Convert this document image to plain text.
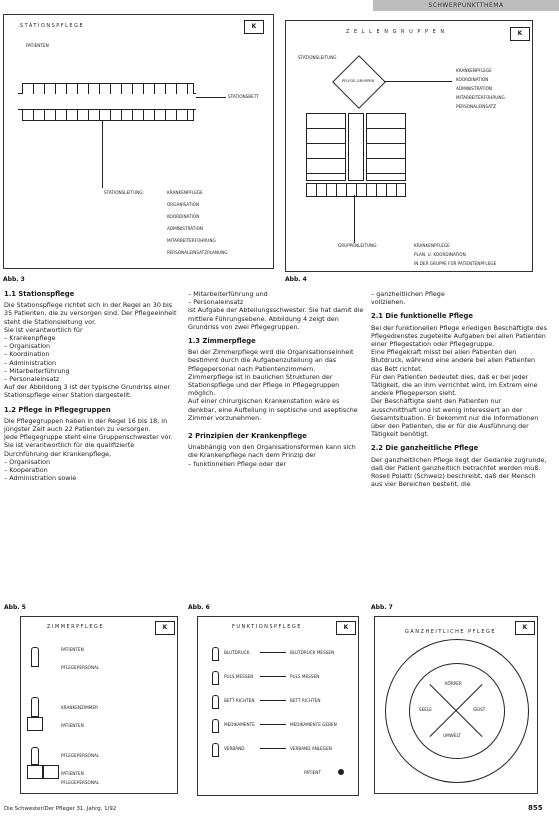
SCHWERPUNKTTHEMA
STATIONSPFLEGE	K
PATIENTEN
STATIONSBETT
STATIONSLEITUNG:	KRANKENPFLEGE
ORGANISATION
KOORDINATION
ADMINISTRATION
MITARBEITERFÜHRUNG
PERSONALEINSATZPLANUNG
Abb. 3
Z E L L E N G R U P P E N	K
STATIONSLEITUNG
PFLEGE-GRUPPEN
KRANKENPFLEGE
KOORDINATION
ADMINISTRATION
MITARBEITERFÜHRUNG
PERSONALEINSATZ
GRUPPENLEITUNG:	KRANKENPFLEGE
PLAN. U. KOORDINATION
IN DER GRUPPE FÜR PATIENTENPFLEGE
Abb. 4
1.1 Stationspflege

Die Stationspflege richtet sich in der Regel an 30 bis 35 Patienten, die zu versorgen sind. Der Pflegeeinheit steht die Stationsleitung vor.

Sie ist verantwortlich für

– Krankenpflege

– Organisation

– Koordination

– Administration

– Mitarbeiterführung

– Personaleinsatz

Auf der Abbildung 3 ist der typische Grundriss einer Stationspflege einer Station dargestellt.

1.2 Pflege in Pflegegruppen

Die Pflegegruppen haben in der Regel 16 bis 18, in jüngster Zeit auch 22 Patienten zu versorgen.

Jede Pflegegruppe steht eine Gruppenschwester vor.

Sie ist verantwortlich für die qualifizierte Durchführung der Krankenpflege,

– Organisation

– Kooperation

– Administration sowie

– Mitarbeiterführung und

– Personaleinsatz

ist Aufgabe der Abteilungsschwester. Sie hat damit die mittlere Führungsebene. Abbildung 4 zeigt den Grundriss von zwei Pflegegruppen.

1.3 Zimmerpflege

Bei der Zimmerpflege wird die Organisationseinheit bestimmt durch die Aufgabenzuteilung an das Pflegepersonal nach Patientenzimmern.

Zimmerpflege ist in baulichen Strukturen der Stationspflege und der Pflege in Pflegegruppen möglich.

Auf einer chirurgischen Krankenstation wäre es denkbar, eine Aufteilung in septische und aseptische Zimmer vorzunehmen.

2 Prinzipien der Krankenpflege

Unabhängig von den Organisationsformen kann sich die Krankenpflege nach dem Prinzip der

– funktionellen Pflege oder der

– ganzheitlichen Pflege

vollziehen.

2.1 Die funktionelle Pflege

Bei der funktionellen Pflege erledigen Beschäftigte des Pflegedienstes zugeteilte Aufgaben bei allen Patienten einer Pflegestation oder Pflegegruppe.

Eine Pflegekraft misst bei allen Patienten den Blutdruck, während eine andere bei allen Patienten das Bett richtet.

Für den Patienten bedeutet dies, daß er bei jeder Tätigkeit, die an ihm verrichtet wird, im Extrem eine andere Pflegeperson sieht.

Der Beschäftigte sieht den Patienten nur ausschnitthaft und ist wenig interessiert an der Gesamtsituation. Er bekommt nur die Informationen über den Patienten, die er für die Ausführung der Tätigkeit benötigt.

2.2 Die ganzheitliche Pflege

Der ganzheitlichen Pflege liegt der Gedanke zugrunde, daß der Patient ganzheitlich betrachtet werden muß.

Roseli Polatti (Schweiz) beschreibt, daß der Mensch aus vier Bereichen besteht, die

Abb. 5	Abb. 6	Abb. 7
ZIMMERPFLEGE	K
PATIENTEN
PFLEGEPERSONAL
KRANKENZIMMER
PATIENTEN
PFLEGEPERSONAL
PATIENTEN
PFLEGEPERSONAL
FUNKTIONSPFLEGE	K
BLUTDRUCK	BLUTDRUCK MESSEN
PULS MESSEN	PULS MESSEN
BETT RICHTEN	BETT RICHTEN
MEDIKAMENTE	MEDIKAMENTE GEBEN
VERBAND	VERBAND ANLEGEN
PATIENT
GANZHEITLICHE PFLEGE
K
KÖRPER
SEELE	GEIST
UMWELT
Die Schwester/Der Pfleger 31. Jahrg. 1/92	855
